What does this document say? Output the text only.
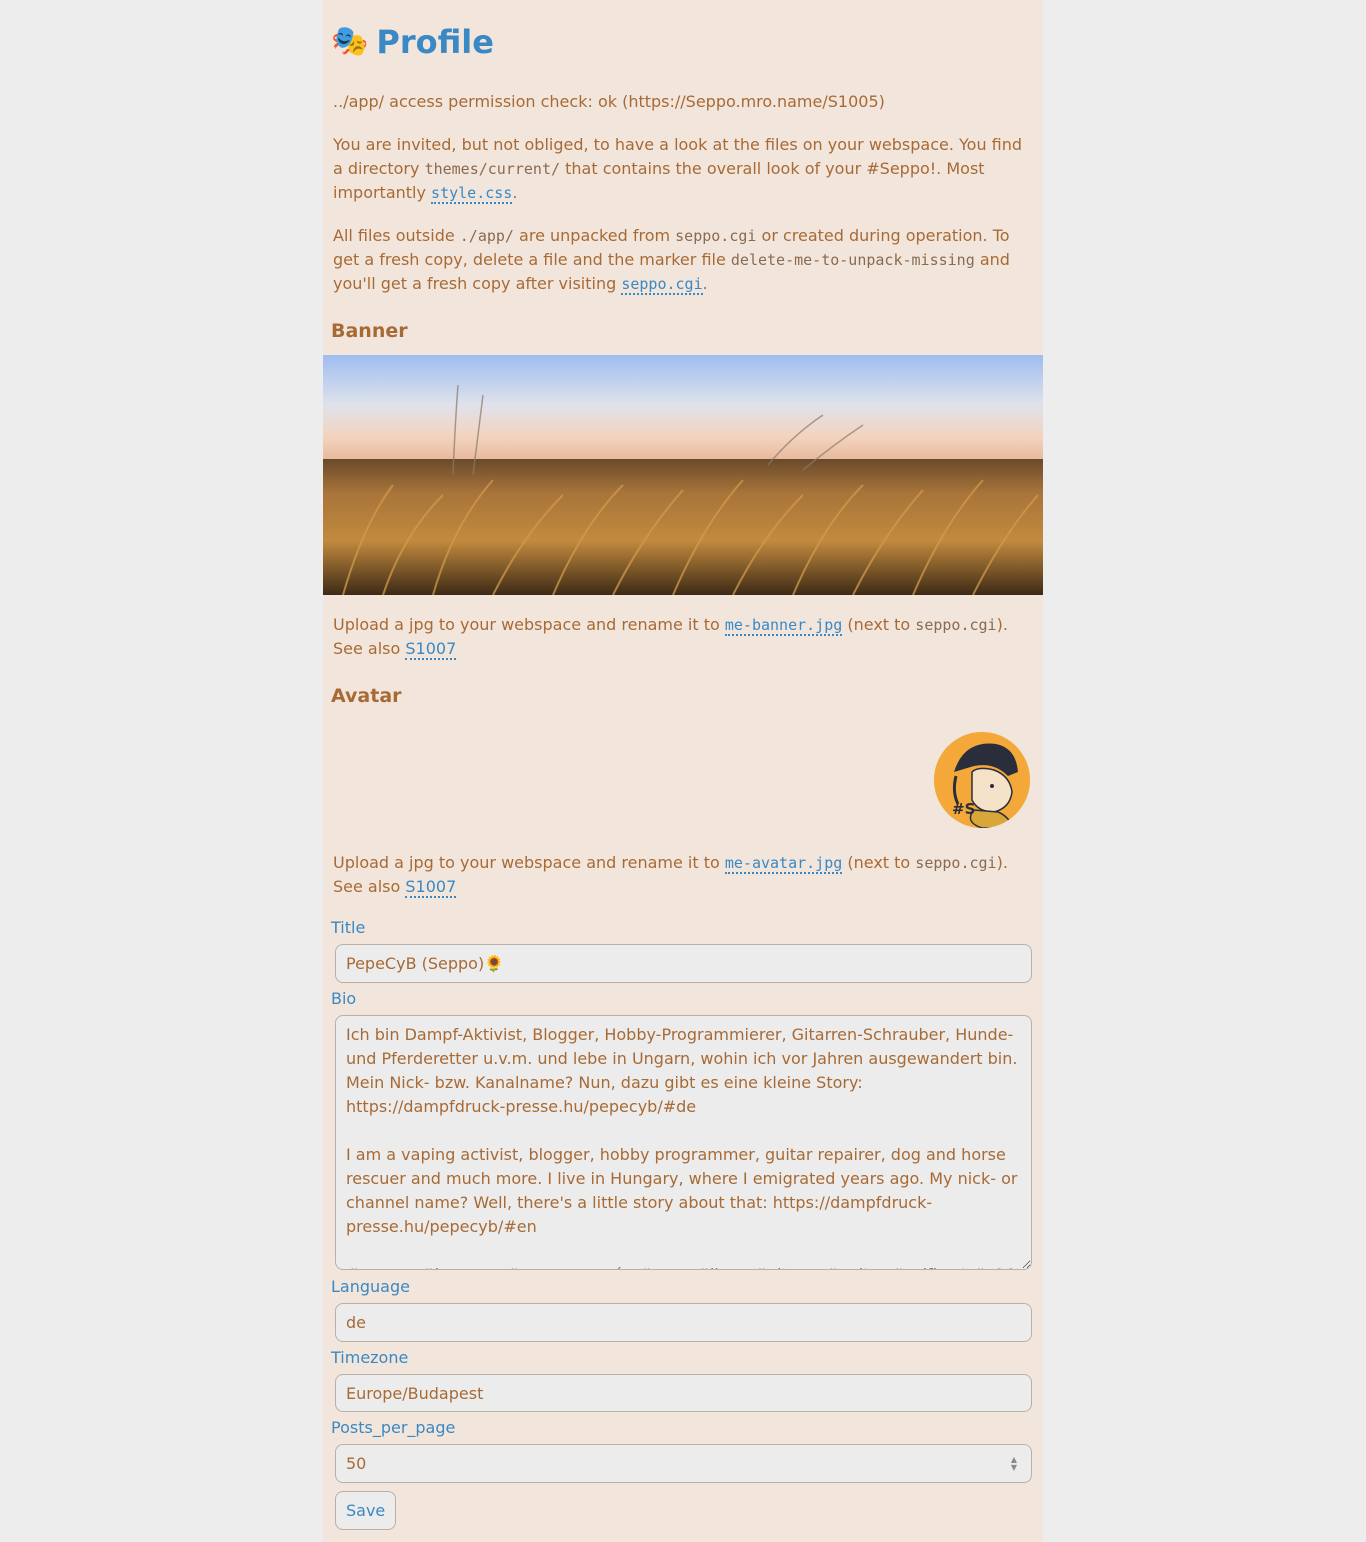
🎭 Profile

../app/ access permission check: ok (https://Seppo.mro.name/S1005)

You are invited, but not obliged, to have a look at the files on your webspace. You find a directory themes/current/ that contains the overall look of your #Seppo!. Most importantly style.css.

All files outside ./app/ are unpacked from seppo.cgi or created during operation. To get a fresh copy, delete a file and the marker file delete-me-to-unpack-missing and you'll get a fresh copy after visiting seppo.cgi.

Banner

Upload a jpg to your webspace and rename it to me-banner.jpg (next to seppo.cgi). See also S1007

Avatar
#S

Upload a jpg to your webspace and rename it to me-avatar.jpg (next to seppo.cgi). See also S1007

Title
PepeCyB (Seppo)🌻
Bio
Ich bin Dampf-Aktivist, Blogger, Hobby-Programmierer, Gitarren-Schrauber, Hunde- und Pferderetter u.v.m. und lebe in Ungarn, wohin ich vor Jahren ausgewandert bin. Mein Nick- bzw. Kanalname? Nun, dazu gibt es eine kleine Story: https://dampfdruck-presse.hu/pepecyb/#de I am a vaping activist, blogger, hobby programmer, guitar repairer, dog and horse rescuer and much more. I live in Hungary, where I emigrated years ago. My nick- or channel name? Well, there's a little story about that: https://dampfdruck-presse.hu/pepecyb/#en #ungarn #hungary #magyarország #vape #linux #gitarre #guitar #selfhost #s04
Language
de
Timezone
Europe/Budapest
Posts_per_page
50	▲
▼
Save
